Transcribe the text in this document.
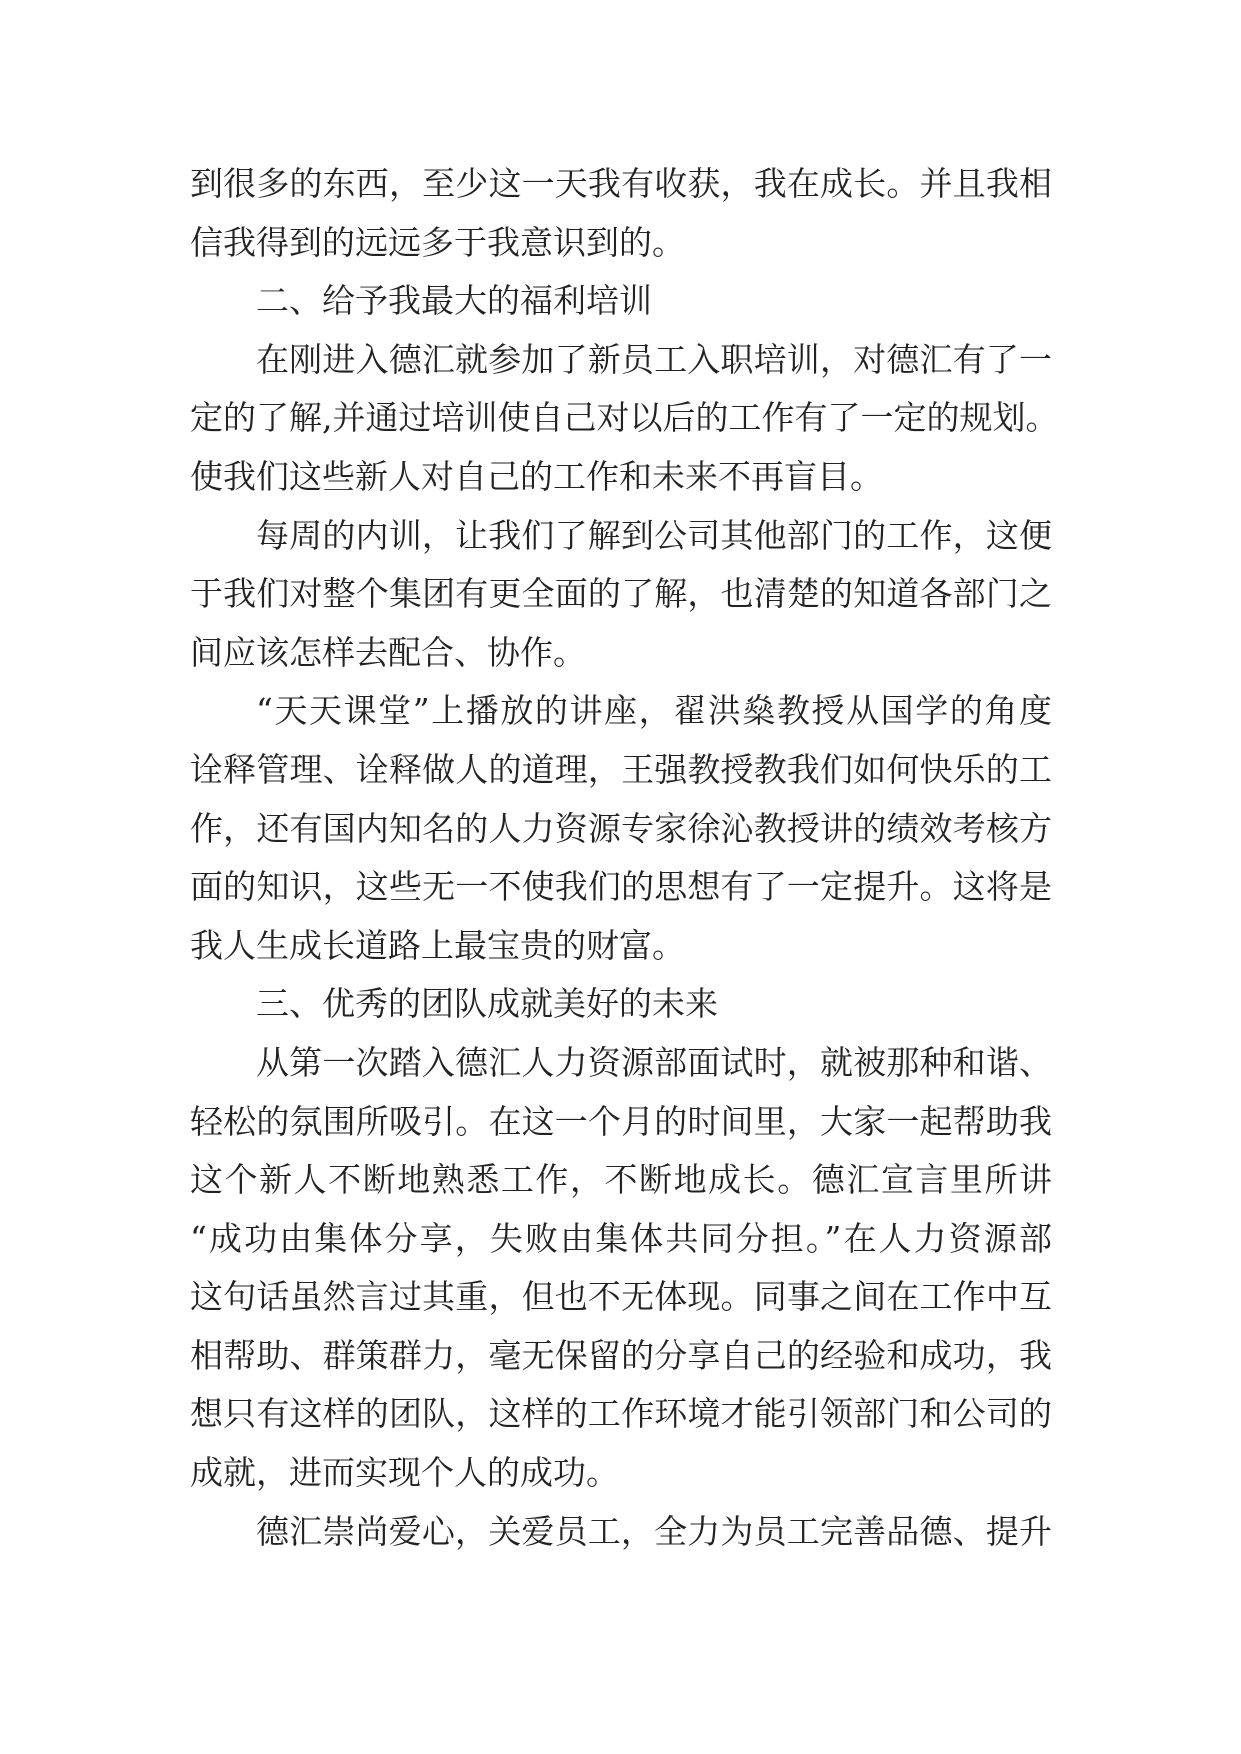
到很多的东西，至少这一天我有收获，我在成长。并且我相
信我得到的远远多于我意识到的。
二、给予我最大的福利培训
在刚进入德汇就参加了新员工入职培训，对德汇有了一
定的了解,并通过培训使自己对以后的工作有了一定的规划。
使我们这些新人对自己的工作和未来不再盲目。
每周的内训，让我们了解到公司其他部门的工作，这便
于我们对整个集团有更全面的了解，也清楚的知道各部门之
间应该怎样去配合、协作。
“天天课堂”上播放的讲座，翟洪燊教授从国学的角度
诠释管理、诠释做人的道理，王强教授教我们如何快乐的工
作，还有国内知名的人力资源专家徐沁教授讲的绩效考核方
面的知识，这些无一不使我们的思想有了一定提升。这将是
我人生成长道路上最宝贵的财富。
三、优秀的团队成就美好的未来
从第一次踏入德汇人力资源部面试时，就被那种和谐、
轻松的氛围所吸引。在这一个月的时间里，大家一起帮助我
这个新人不断地熟悉工作，不断地成长。德汇宣言里所讲
“成功由集体分享，失败由集体共同分担。”在人力资源部
这句话虽然言过其重，但也不无体现。同事之间在工作中互
相帮助、群策群力，毫无保留的分享自己的经验和成功，我
想只有这样的团队，这样的工作环境才能引领部门和公司的
成就，进而实现个人的成功。
德汇崇尚爱心，关爱员工，全力为员工完善品德、提升
